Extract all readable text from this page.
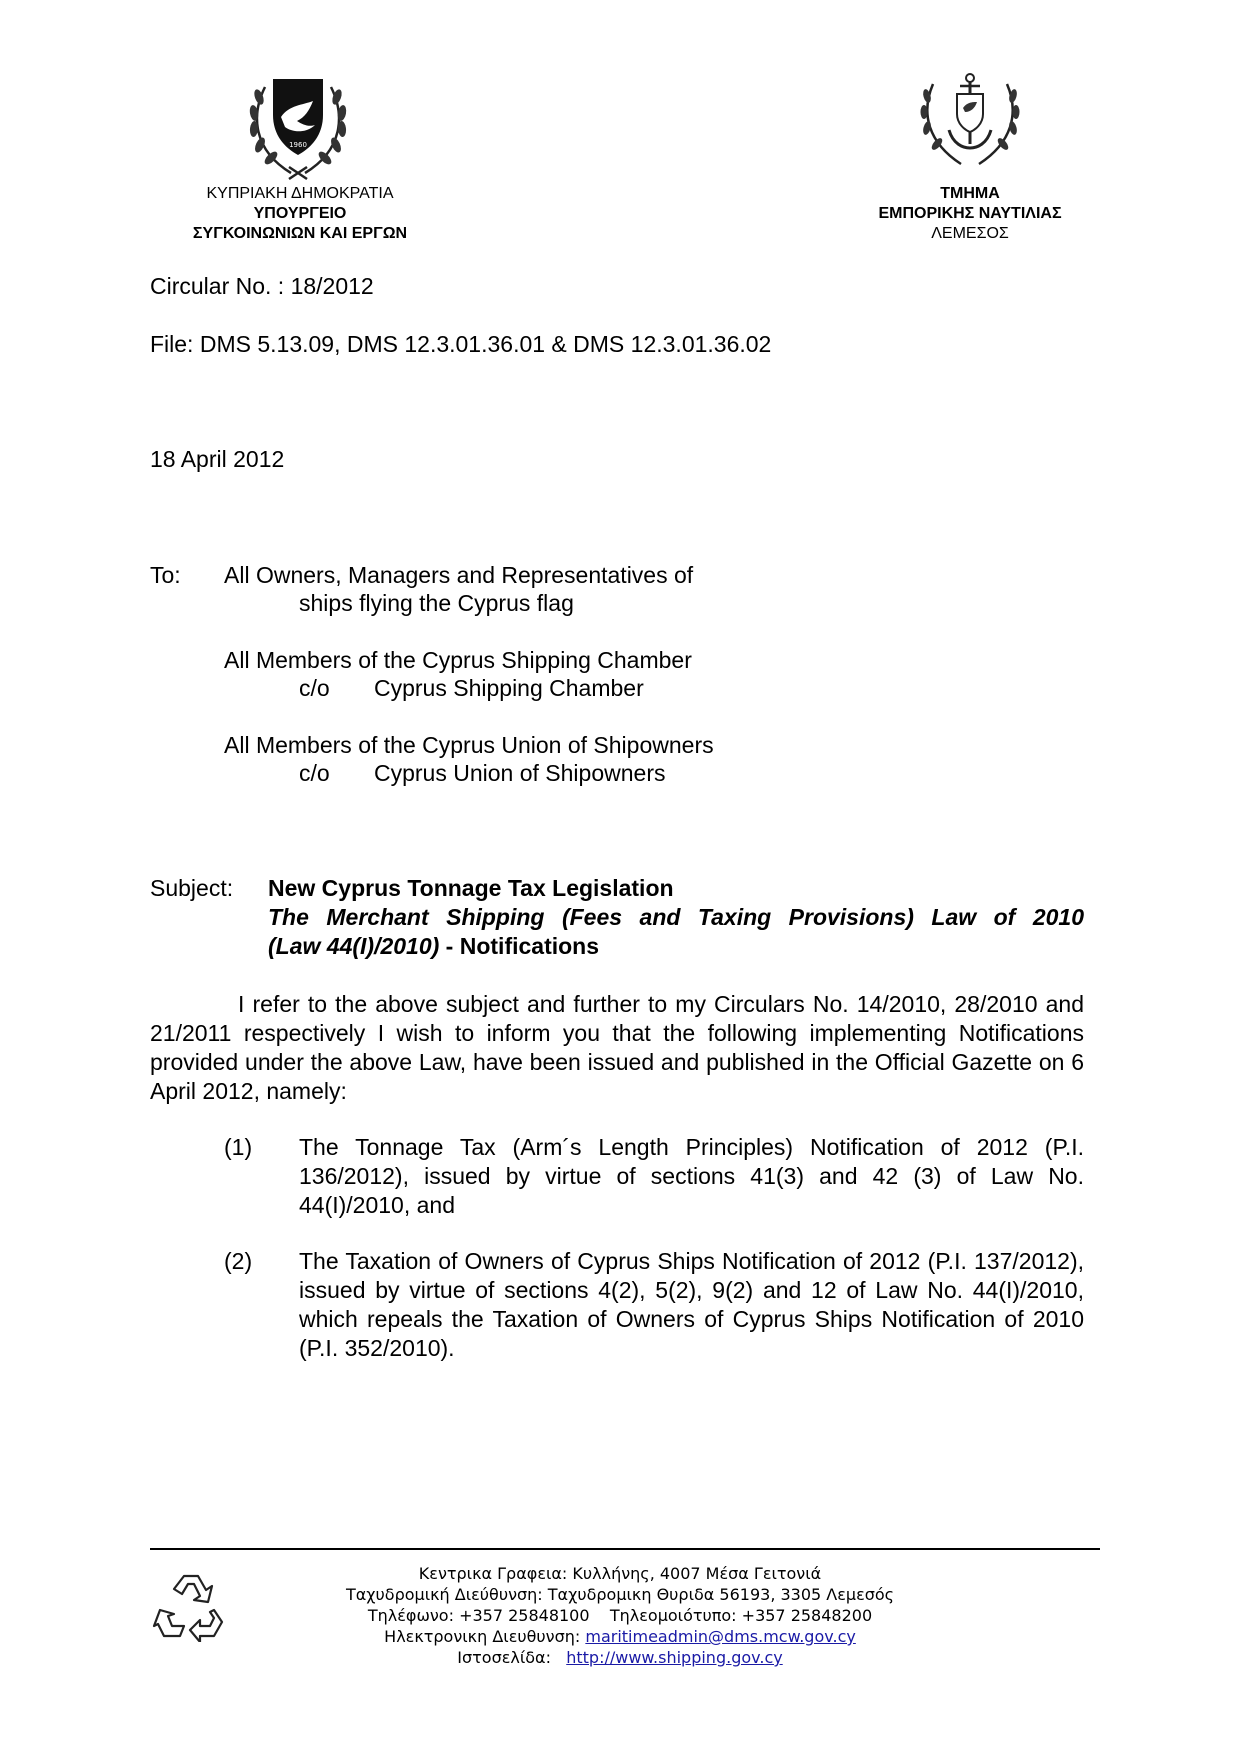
1960
ΚΥΠΡΙΑΚΗ ΔΗΜΟΚΡΑΤΙΑ
ΥΠΟΥΡΓΕΙΟ
ΣΥΓΚΟΙΝΩΝΙΩΝ ΚΑΙ ΕΡΓΩΝ
ΤΜΗΜΑ
ΕΜΠΟΡΙΚΗΣ ΝΑΥΤΙΛΙΑΣ
ΛΕΜΕΣΟΣ
Circular No. : 18/2012
File: DMS 5.13.09, DMS 12.3.01.36.01 & DMS 12.3.01.36.02
18 April 2012
To: All Owners, Managers and Representatives of
ships flying the Cyprus flag
All Members of the Cyprus Shipping Chamber
c/o Cyprus Shipping Chamber
All Members of the Cyprus Union of Shipowners
c/o Cyprus Union of Shipowners
Subject: New Cyprus Tonnage Tax Legislation
The Merchant Shipping (Fees and Taxing Provisions) Law of 2010
(Law 44(I)/2010) - Notifications
I refer to the above subject and further to my Circulars No. 14/2010, 28/2010 and 21/2011 respectively I wish to inform you that the following implementing Notifications provided under the above Law, have been issued and published in the Official Gazette on 6 April 2012, namely:
(1) The Tonnage Tax (Arm´s Length Principles) Notification of 2012 (P.I. 136/2012), issued by virtue of sections 41(3) and 42 (3) of Law No. 44(I)/2010, and
(2) The Taxation of Owners of Cyprus Ships Notification of 2012 (P.I. 137/2012), issued by virtue of sections 4(2), 5(2), 9(2) and 12 of Law No. 44(I)/2010, which repeals the Taxation of Owners of Cyprus Ships Notification of 2010 (P.I. 352/2010).
Κεντρικα Γραφεια: Κυλλήνης, 4007 Μέσα Γειτονιά
Ταχυδρομική Διεύθυνση: Ταχυδρομικη Θυριδα 56193, 3305 Λεμεσός
Τηλέφωνο: +357 25848100 Τηλεομοιότυπο: +357 25848200
Ηλεκτρονικη Διευθυνση: maritimeadmin@dms.mcw.gov.cy
Ιστοσελίδα: http://www.shipping.gov.cy
